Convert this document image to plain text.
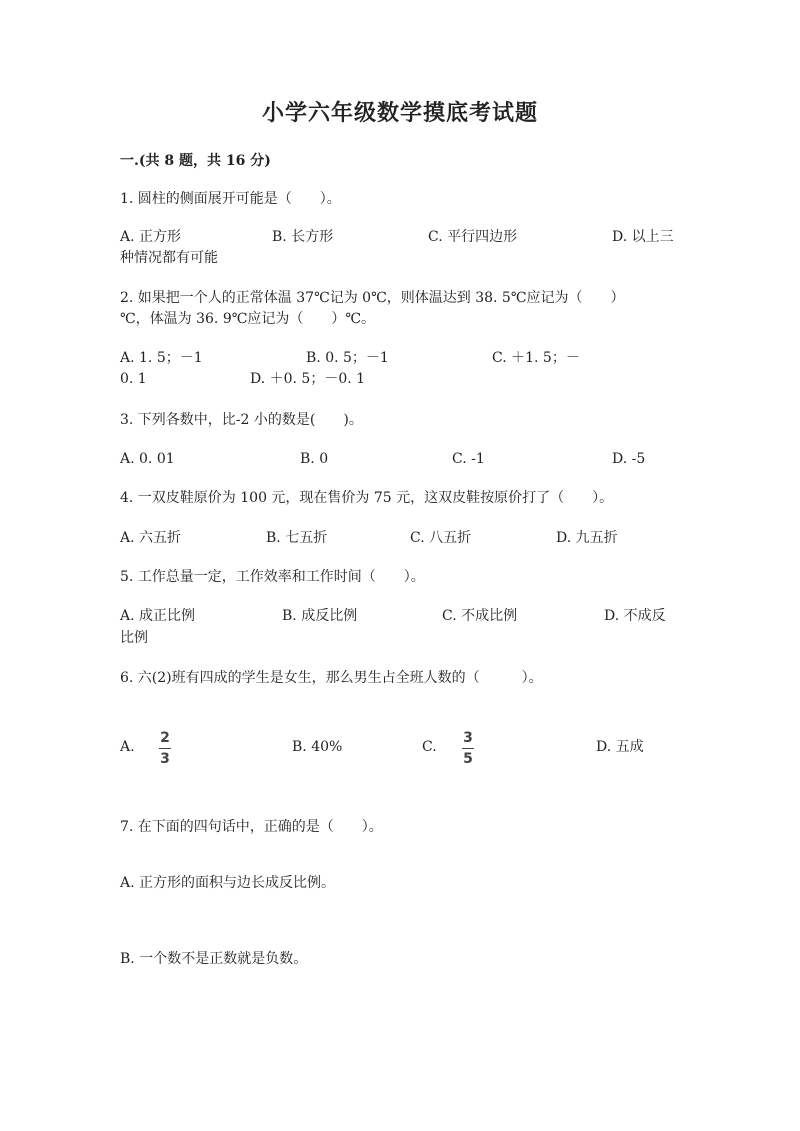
小学六年级数学摸底考试题
一.(共 8 题，共 16 分)
1. 圆柱的侧面展开可能是（　　）。
A. 正方形	B. 长方形	C. 平行四边形	D. 以上三
种情况都有可能
2. 如果把一个人的正常体温 37℃记为 0℃，则体温达到 38. 5℃应记为（　　）
℃，体温为 36. 9℃应记为（　　）℃。
A. 1. 5；－1	B. 0. 5；－1	C. ＋1. 5；－
0. 1	D. ＋0. 5；－0. 1
3. 下列各数中，比-2 小的数是(　　)。
A. 0. 01	B. 0	C. -1	D. -5
4. 一双皮鞋原价为 100 元，现在售价为 75 元，这双皮鞋按原价打了（　　）。
A. 六五折	B. 七五折	C. 八五折	D. 九五折
5. 工作总量一定，工作效率和工作时间（　　）。
A. 成正比例	B. 成反比例	C. 不成比例	D. 不成反
比例
6. 六(2)班有四成的学生是女生，那么男生占全班人数的（　　　）。
A.
2
3
B. 40%	C.
3
5
D. 五成
7. 在下面的四句话中，正确的是（　　）。
A. 正方形的面积与边长成反比例。
B. 一个数不是正数就是负数。
